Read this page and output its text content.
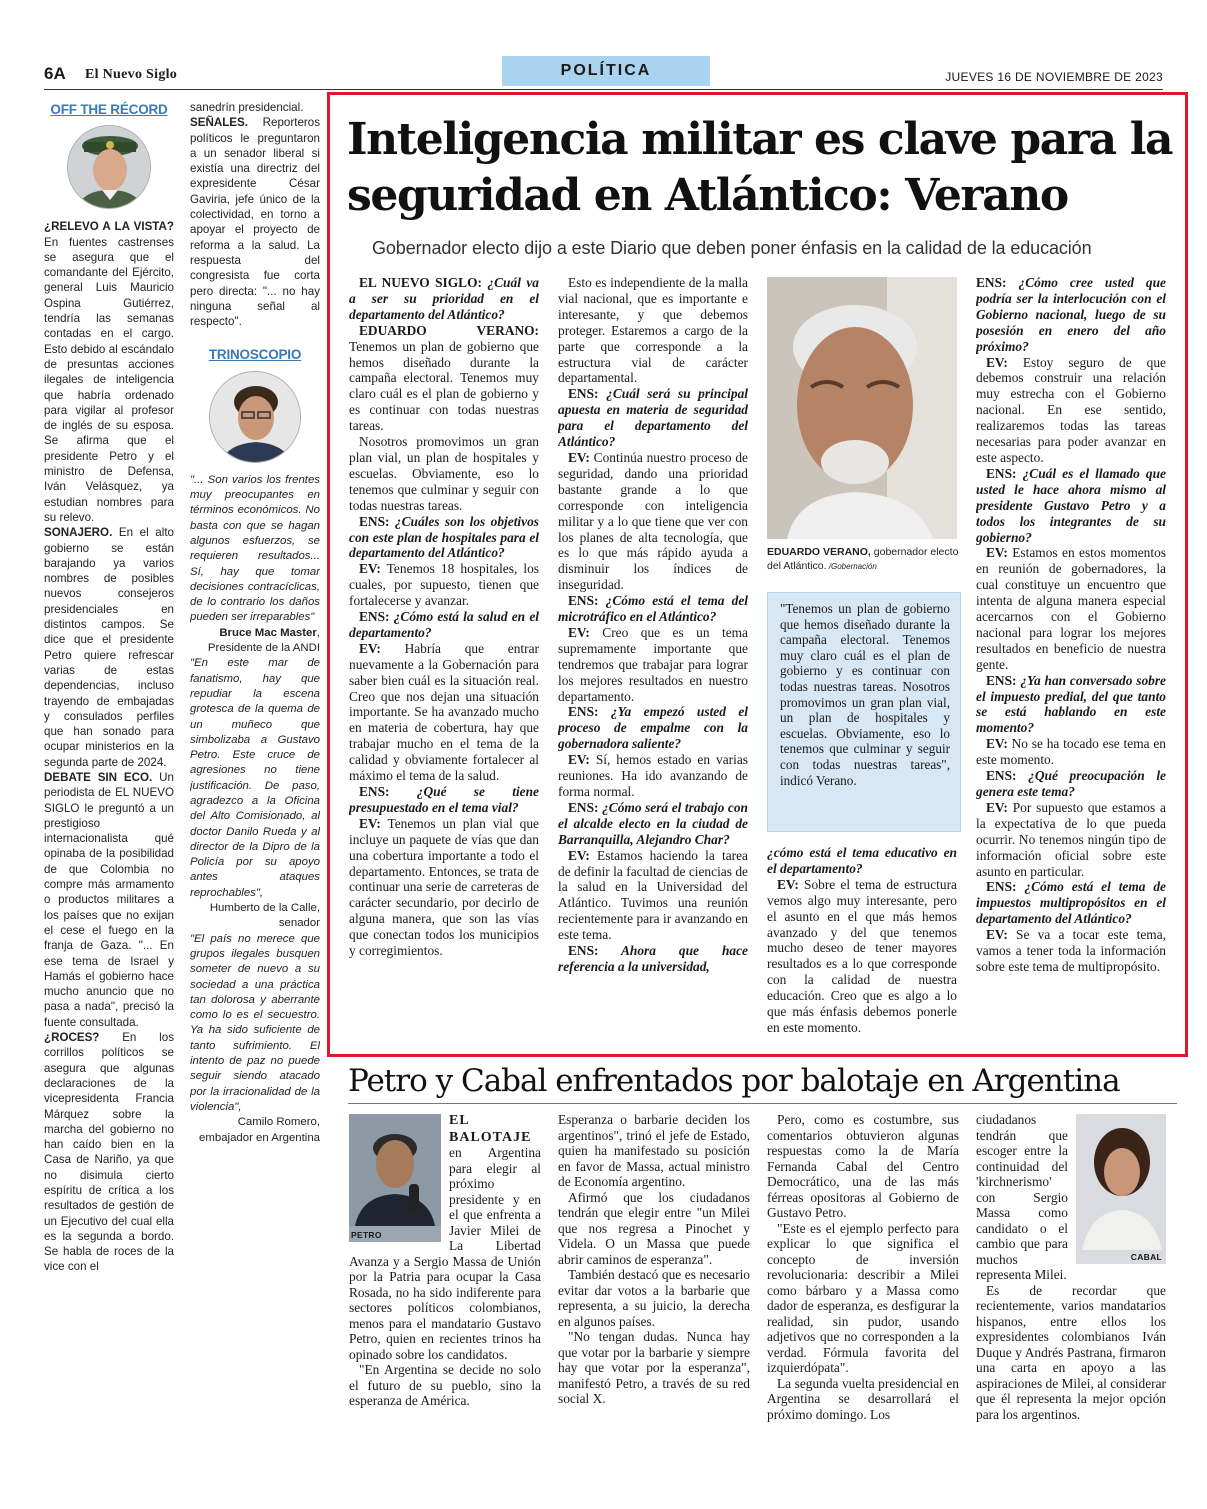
6A El Nuevo Siglo	POLÍTICA	JUEVES 16 DE NOVIEMBRE DE 2023
OFF THE RÉCORD

¿RELEVO A LA VISTA? En fuentes castrenses se asegura que el comandante del Ejército, general Luis Mauricio Ospina Gutiérrez, tendría las semanas contadas en el cargo. Esto debido al escándalo de presuntas acciones ilegales de inteligencia que habría ordenado para vigilar al profesor de inglés de su esposa. Se afirma que el presidente Petro y el ministro de Defensa, Iván Velásquez, ya estudian nombres para su relevo.

SONAJERO. En el alto gobierno se están barajando ya varios nombres de posibles nuevos consejeros presidenciales en distintos campos. Se dice que el presidente Petro quiere refrescar varias de estas dependencias, incluso trayendo de embajadas y consulados perfiles que han sonado para ocupar ministerios en la segunda parte de 2024.

DEBATE SIN ECO. Un periodista de EL NUEVO SIGLO le preguntó a un prestigioso internacionalista qué opinaba de la posibilidad de que Colombia no compre más armamento o productos militares a los países que no exijan el cese el fuego en la franja de Gaza. "... En ese tema de Israel y Hamás el gobierno hace mucho anuncio que no pasa a nada", precisó la fuente consultada.

¿ROCES? En los corrillos políticos se asegura que algunas declaraciones de la vicepresidenta Francia Márquez sobre la marcha del gobierno no han caído bien en la Casa de Nariño, ya que no disimula cierto espíritu de crítica a los resultados de gestión de un Ejecutivo del cual ella es la segunda a bordo. Se habla de roces de la vice con el

sanedrín presidencial.

SEÑALES. Reporteros políticos le preguntaron a un senador liberal si existía una directriz del expresidente César Gaviria, jefe único de la colectividad, en torno a apoyar el proyecto de reforma a la salud. La respuesta del congresista fue corta pero directa: "... no hay ninguna señal al respecto".

TRINOSCOPIO

"... Son varios los frentes muy preocupantes en términos económicos. No basta con que se hagan algunos esfuerzos, se requieren resultados... Sí, hay que tomar decisiones contracíclicas, de lo contrario los daños pueden ser irreparables"

Bruce Mac Master, Presidente de la ANDI

"En este mar de fanatismo, hay que repudiar la escena grotesca de la quema de un muñeco que simbolizaba a Gustavo Petro. Este cruce de agresiones no tiene justificación. De paso, agradezco a la Oficina del Alto Comisionado, al doctor Danilo Rueda y al director de la Dipro de la Policía por su apoyo antes ataques reprochables",

Humberto de la Calle, senador

"El país no merece que grupos ilegales busquen someter de nuevo a su sociedad a una práctica tan dolorosa y aberrante como lo es el secuestro. Ya ha sido suficiente de tanto sufrimiento. El intento de paz no puede seguir siendo atacado por la irracionalidad de la violencia",

Camilo Romero, embajador en Argentina

Inteligencia militar es clave para la seguridad en Atlántico: Verano
Gobernador electo dijo a este Diario que deben poner énfasis en la calidad de la educación

EL NUEVO SIGLO: ¿Cuál va a ser su prioridad en el departamento del Atlántico?

EDUARDO VERANO: Tenemos un plan de gobierno que hemos diseñado durante la campaña electoral. Tenemos muy claro cuál es el plan de gobierno y es continuar con todas nuestras tareas.

Nosotros promovimos un gran plan vial, un plan de hospitales y escuelas. Obviamente, eso lo tenemos que culminar y seguir con todas nuestras tareas.

ENS: ¿Cuáles son los objetivos con este plan de hospitales para el departamento del Atlántico?

EV: Tenemos 18 hospitales, los cuales, por supuesto, tienen que fortalecerse y avanzar.

ENS: ¿Cómo está la salud en el departamento?

EV: Habría que entrar nuevamente a la Gobernación para saber bien cuál es la situación real. Creo que nos dejan una situación importante. Se ha avanzado mucho en materia de cobertura, hay que trabajar mucho en el tema de la calidad y obviamente fortalecer al máximo el tema de la salud.

ENS: ¿Qué se tiene presupuestado en el tema vial?

EV: Tenemos un plan vial que incluye un paquete de vías que dan una cobertura importante a todo el departamento. Entonces, se trata de continuar una serie de carreteras de carácter secundario, por decirlo de alguna manera, que son las vías que conectan todos los municipios y corregimientos.

Esto es independiente de la malla vial nacional, que es importante e interesante, y que debemos proteger. Estaremos a cargo de la parte que corresponde a la estructura vial de carácter departamental.

ENS: ¿Cuál será su principal apuesta en materia de seguridad para el departamento del Atlántico?

EV: Continúa nuestro proceso de seguridad, dando una prioridad bastante grande a lo que corresponde con inteligencia militar y a lo que tiene que ver con los planes de alta tecnología, que es lo que más rápido ayuda a disminuir los índices de inseguridad.

ENS: ¿Cómo está el tema del microtráfico en el Atlántico?

EV: Creo que es un tema supremamente importante que tendremos que trabajar para lograr los mejores resultados en nuestro departamento.

ENS: ¿Ya empezó usted el proceso de empalme con la gobernadora saliente?

EV: Sí, hemos estado en varias reuniones. Ha ido avanzando de forma normal.

ENS: ¿Cómo será el trabajo con el alcalde electo en la ciudad de Barranquilla, Alejandro Char?

EV: Estamos haciendo la tarea de definir la facultad de ciencias de la salud en la Universidad del Atlántico. Tuvimos una reunión recientemente para ir avanzando en este tema.

ENS: Ahora que hace referencia a la universidad,

EDUARDO VERANO, gobernador electo del Atlántico. /Gobernación
"Tenemos un plan de gobierno que hemos diseñado durante la campaña electoral. Tenemos muy claro cuál es el plan de gobierno y es continuar con todas nuestras tareas. Nosotros promovimos un gran plan vial, un plan de hospitales y escuelas. Obviamente, eso lo tenemos que culminar y seguir con todas nuestras tareas", indicó Verano.

¿cómo está el tema educativo en el departamento?

EV: Sobre el tema de estructura vemos algo muy interesante, pero el asunto en el que más hemos avanzado y del que tenemos mucho deseo de tener mayores resultados es a lo que corresponde con la calidad de nuestra educación. Creo que es algo a lo que más énfasis debemos ponerle en este momento.

ENS: ¿Cómo cree usted que podría ser la interlocución con el Gobierno nacional, luego de su posesión en enero del año próximo?

EV: Estoy seguro de que debemos construir una relación muy estrecha con el Gobierno nacional. En ese sentido, realizaremos todas las tareas necesarias para poder avanzar en este aspecto.

ENS: ¿Cuál es el llamado que usted le hace ahora mismo al presidente Gustavo Petro y a todos los integrantes de su gobierno?

EV: Estamos en estos momentos en reunión de gobernadores, la cual constituye un encuentro que intenta de alguna manera especial acercarnos con el Gobierno nacional para lograr los mejores resultados en beneficio de nuestra gente.

ENS: ¿Ya han conversado sobre el impuesto predial, del que tanto se está hablando en este momento?

EV: No se ha tocado ese tema en este momento.

ENS: ¿Qué preocupación le genera este tema?

EV: Por supuesto que estamos a la expectativa de lo que pueda ocurrir. No tenemos ningún tipo de información oficial sobre este asunto en particular.

ENS: ¿Cómo está el tema de impuestos multipropósitos en el departamento del Atlántico?

EV: Se va a tocar este tema, vamos a tener toda la información sobre este tema de multipropósito.

Petro y Cabal enfrentados por balotaje en Argentina
PETRO

EL BALOTAJE en Argentina para elegir al próximo presidente y en el que enfrenta a Javier Milei de La Libertad Avanza y a Sergio Massa de Unión por la Patria para ocupar la Casa Rosada, no ha sido indiferente para sectores políticos colombianos, menos para el mandatario Gustavo Petro, quien en recientes trinos ha opinado sobre los candidatos.

"En Argentina se decide no solo el futuro de su pueblo, sino la esperanza de América.

Esperanza o barbarie deciden los argentinos", trinó el jefe de Estado, quien ha manifestado su posición en favor de Massa, actual ministro de Economía argentino.

Afirmó que los ciudadanos tendrán que elegir entre "un Milei que nos regresa a Pinochet y Videla. O un Massa que puede abrir caminos de esperanza".

También destacó que es necesario evitar dar votos a la barbarie que representa, a su juicio, la derecha en algunos países.

"No tengan dudas. Nunca hay que votar por la barbarie y siempre hay que votar por la esperanza", manifestó Petro, a través de su red social X.

Pero, como es costumbre, sus comentarios obtuvieron algunas respuestas como la de María Fernanda Cabal del Centro Democrático, una de las más férreas opositoras al Gobierno de Gustavo Petro.

"Este es el ejemplo perfecto para explicar lo que significa el concepto de inversión revolucionaria: describir a Milei como bárbaro y a Massa como dador de esperanza, es desfigurar la realidad, sin pudor, usando adjetivos que no corresponden a la verdad. Fórmula favorita del izquierdópata".

La segunda vuelta presidencial en Argentina se desarrollará el próximo domingo. Los

CABAL

ciudadanos tendrán que escoger entre la continuidad del 'kirchnerismo' con Sergio Massa como candidato o el cambio que para muchos representa Milei.

Es de recordar que recientemente, varios mandatarios hispanos, entre ellos los expresidentes colombianos Iván Duque y Andrés Pastrana, firmaron una carta en apoyo a las aspiraciones de Milei, al considerar que él representa la mejor opción para los argentinos.
